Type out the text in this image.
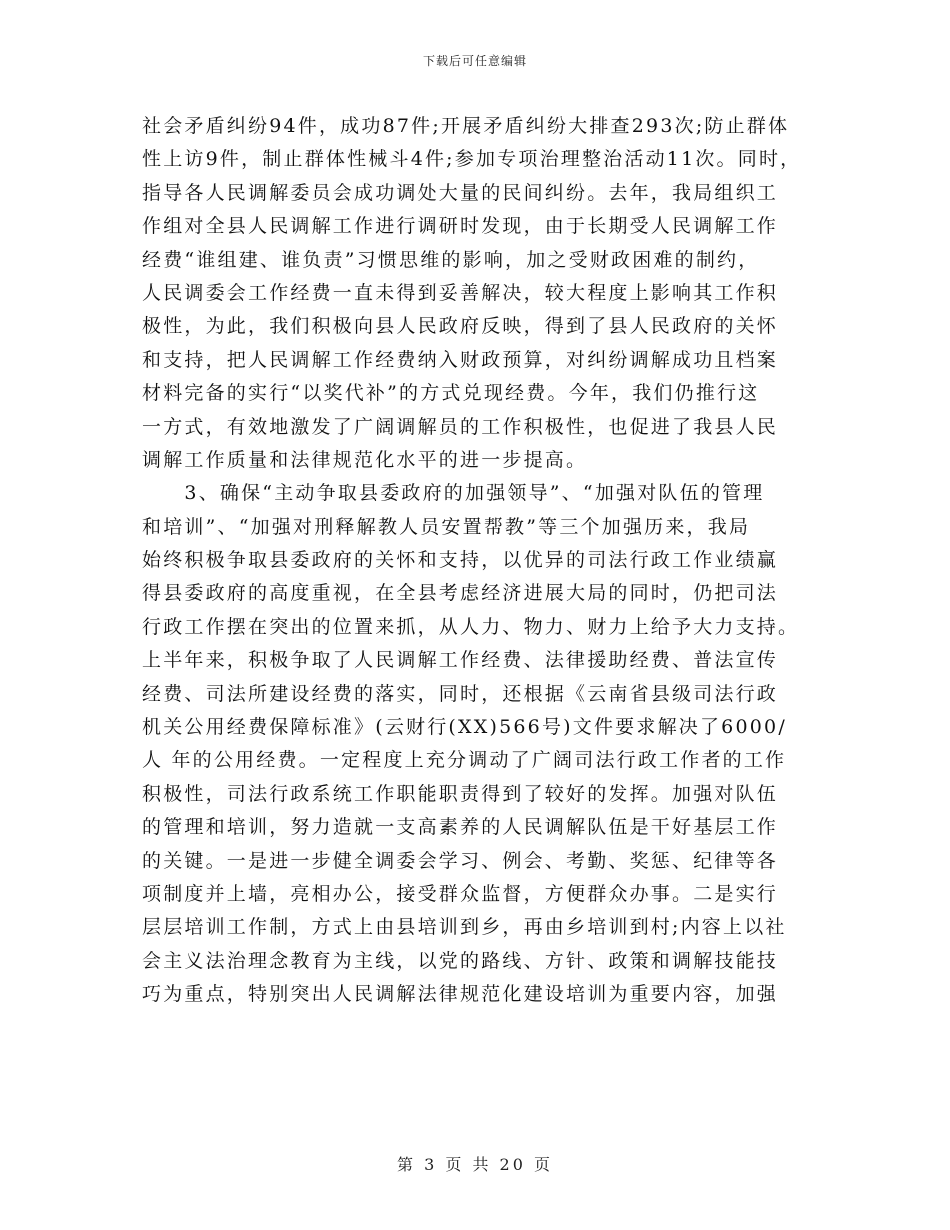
下载后可任意编辑
社会矛盾纠纷94件，成功87件;开展矛盾纠纷大排查293次;防止群体
性上访9件，制止群体性械斗4件;参加专项治理整治活动11次。同时，
指导各人民调解委员会成功调处大量的民间纠纷。去年，我局组织工
作组对全县人民调解工作进行调研时发现，由于长期受人民调解工作
经费“谁组建、谁负责”习惯思维的影响，加之受财政困难的制约，
人民调委会工作经费一直未得到妥善解决，较大程度上影响其工作积
极性，为此，我们积极向县人民政府反映，得到了县人民政府的关怀
和支持，把人民调解工作经费纳入财政预算，对纠纷调解成功且档案
材料完备的实行“以奖代补”的方式兑现经费。今年，我们仍推行这
一方式，有效地激发了广阔调解员的工作积极性，也促进了我县人民
调解工作质量和法律规范化水平的进一步提高。
　　3、确保“主动争取县委政府的加强领导”、“加强对队伍的管理
和培训”、“加强对刑释解教人员安置帮教”等三个加强历来，我局
始终积极争取县委政府的关怀和支持，以优异的司法行政工作业绩赢
得县委政府的高度重视，在全县考虑经济进展大局的同时，仍把司法
行政工作摆在突出的位置来抓，从人力、物力、财力上给予大力支持。
上半年来，积极争取了人民调解工作经费、法律援助经费、普法宣传
经费、司法所建设经费的落实，同时，还根据《云南省县级司法行政
机关公用经费保障标准》(云财行(XX)566号)文件要求解决了6000/
人 年的公用经费。一定程度上充分调动了广阔司法行政工作者的工作
积极性，司法行政系统工作职能职责得到了较好的发挥。加强对队伍
的管理和培训，努力造就一支高素养的人民调解队伍是干好基层工作
的关键。一是进一步健全调委会学习、例会、考勤、奖惩、纪律等各
项制度并上墙，亮相办公，接受群众监督，方便群众办事。二是实行
层层培训工作制，方式上由县培训到乡，再由乡培训到村;内容上以社
会主义法治理念教育为主线，以党的路线、方针、政策和调解技能技
巧为重点，特别突出人民调解法律规范化建设培训为重要内容，加强
第 3 页 共 20 页
